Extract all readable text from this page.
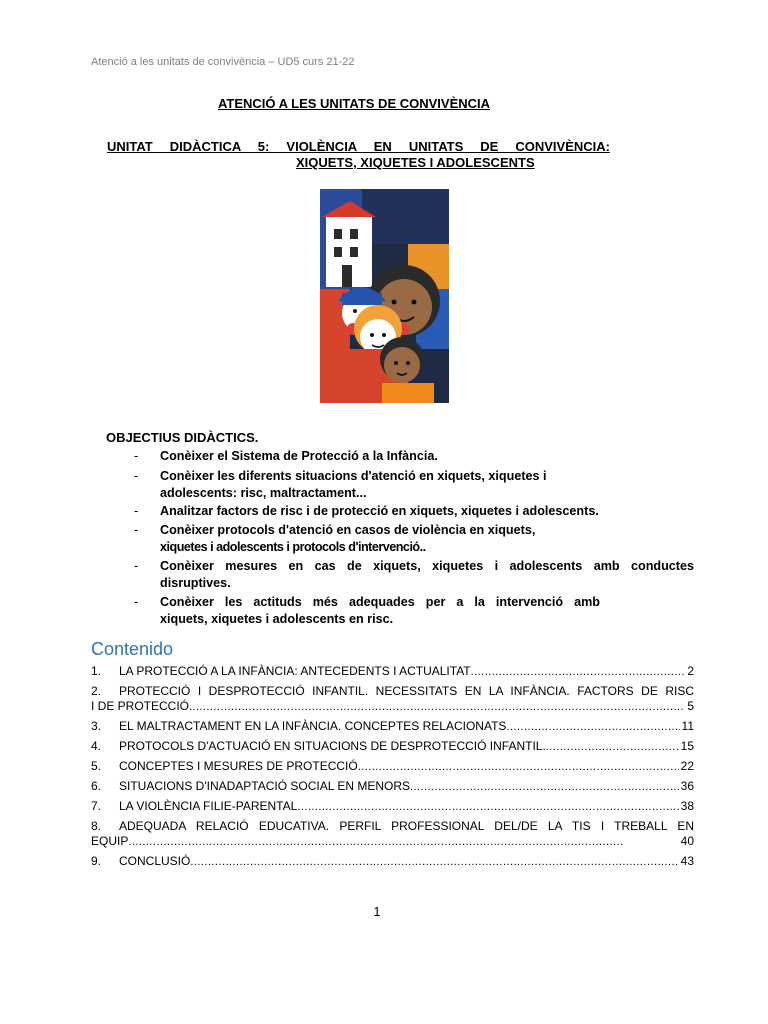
Atenció a les unitats de convivència – UD5 curs 21-22
ATENCIÓ A LES UNITATS DE CONVIVÈNCIA
UNITAT DIDÀCTICA 5: VIOLÈNCIA EN UNITATS DE CONVIVÈNCIA:
XIQUETS, XIQUETES I ADOLESCENTS
OBJECTIUS DIDÀCTICS.
- Conèixer el Sistema de Protecció a la Infància.
- Conèixer les diferents situacions d'atenció en xiquets, xiquetes i
adolescents: risc, maltractament...
- Analitzar factors de risc i de protecció en xiquets, xiquetes i adolescents.
- Conèixer protocols d'atenció en casos de violència en xiquets,
xiquetes i adolescents i protocols d'intervenció..
- Conèixer mesures en cas de xiquets, xiquetes i adolescents amb conductes
disruptives.
- Conèixer les actituds més adequades per a la intervenció amb
xiquets, xiquetes i adolescents en risc.
Contenido
1.	LA PROTECCIÓ A LA INFÀNCIA: ANTECEDENTS I ACTUALITAT . . .	2
2.	PROTECCIÓ I DESPROTECCIÓ INFANTIL. NECESSITATS EN LA INFÀNCIA. FACTORS DE RISC
I DE PROTECCIÓ. . . .	5
3.	EL MALTRACTAMENT EN LA INFÀNCIA. CONCEPTES RELACIONATS . . .	11
4.	PROTOCOLS D'ACTUACIÓ EN SITUACIONS DE DESPROTECCIÓ INFANTIL. . . .	15
5.	CONCEPTES I MESURES DE PROTECCIÓ . . .	22
6.	SITUACIONS D'INADAPTACIÓ SOCIAL EN MENORS . . .	36
7.	LA VIOLÈNCIA FILIE-PARENTAL . . .	38
8.	ADEQUADA RELACIÓ EDUCATIVA. PERFIL PROFESSIONAL DEL/DE LA TIS I TREBALL EN
EQUIP . . .	40
9.	CONCLUSIÓ . . .	43
1
